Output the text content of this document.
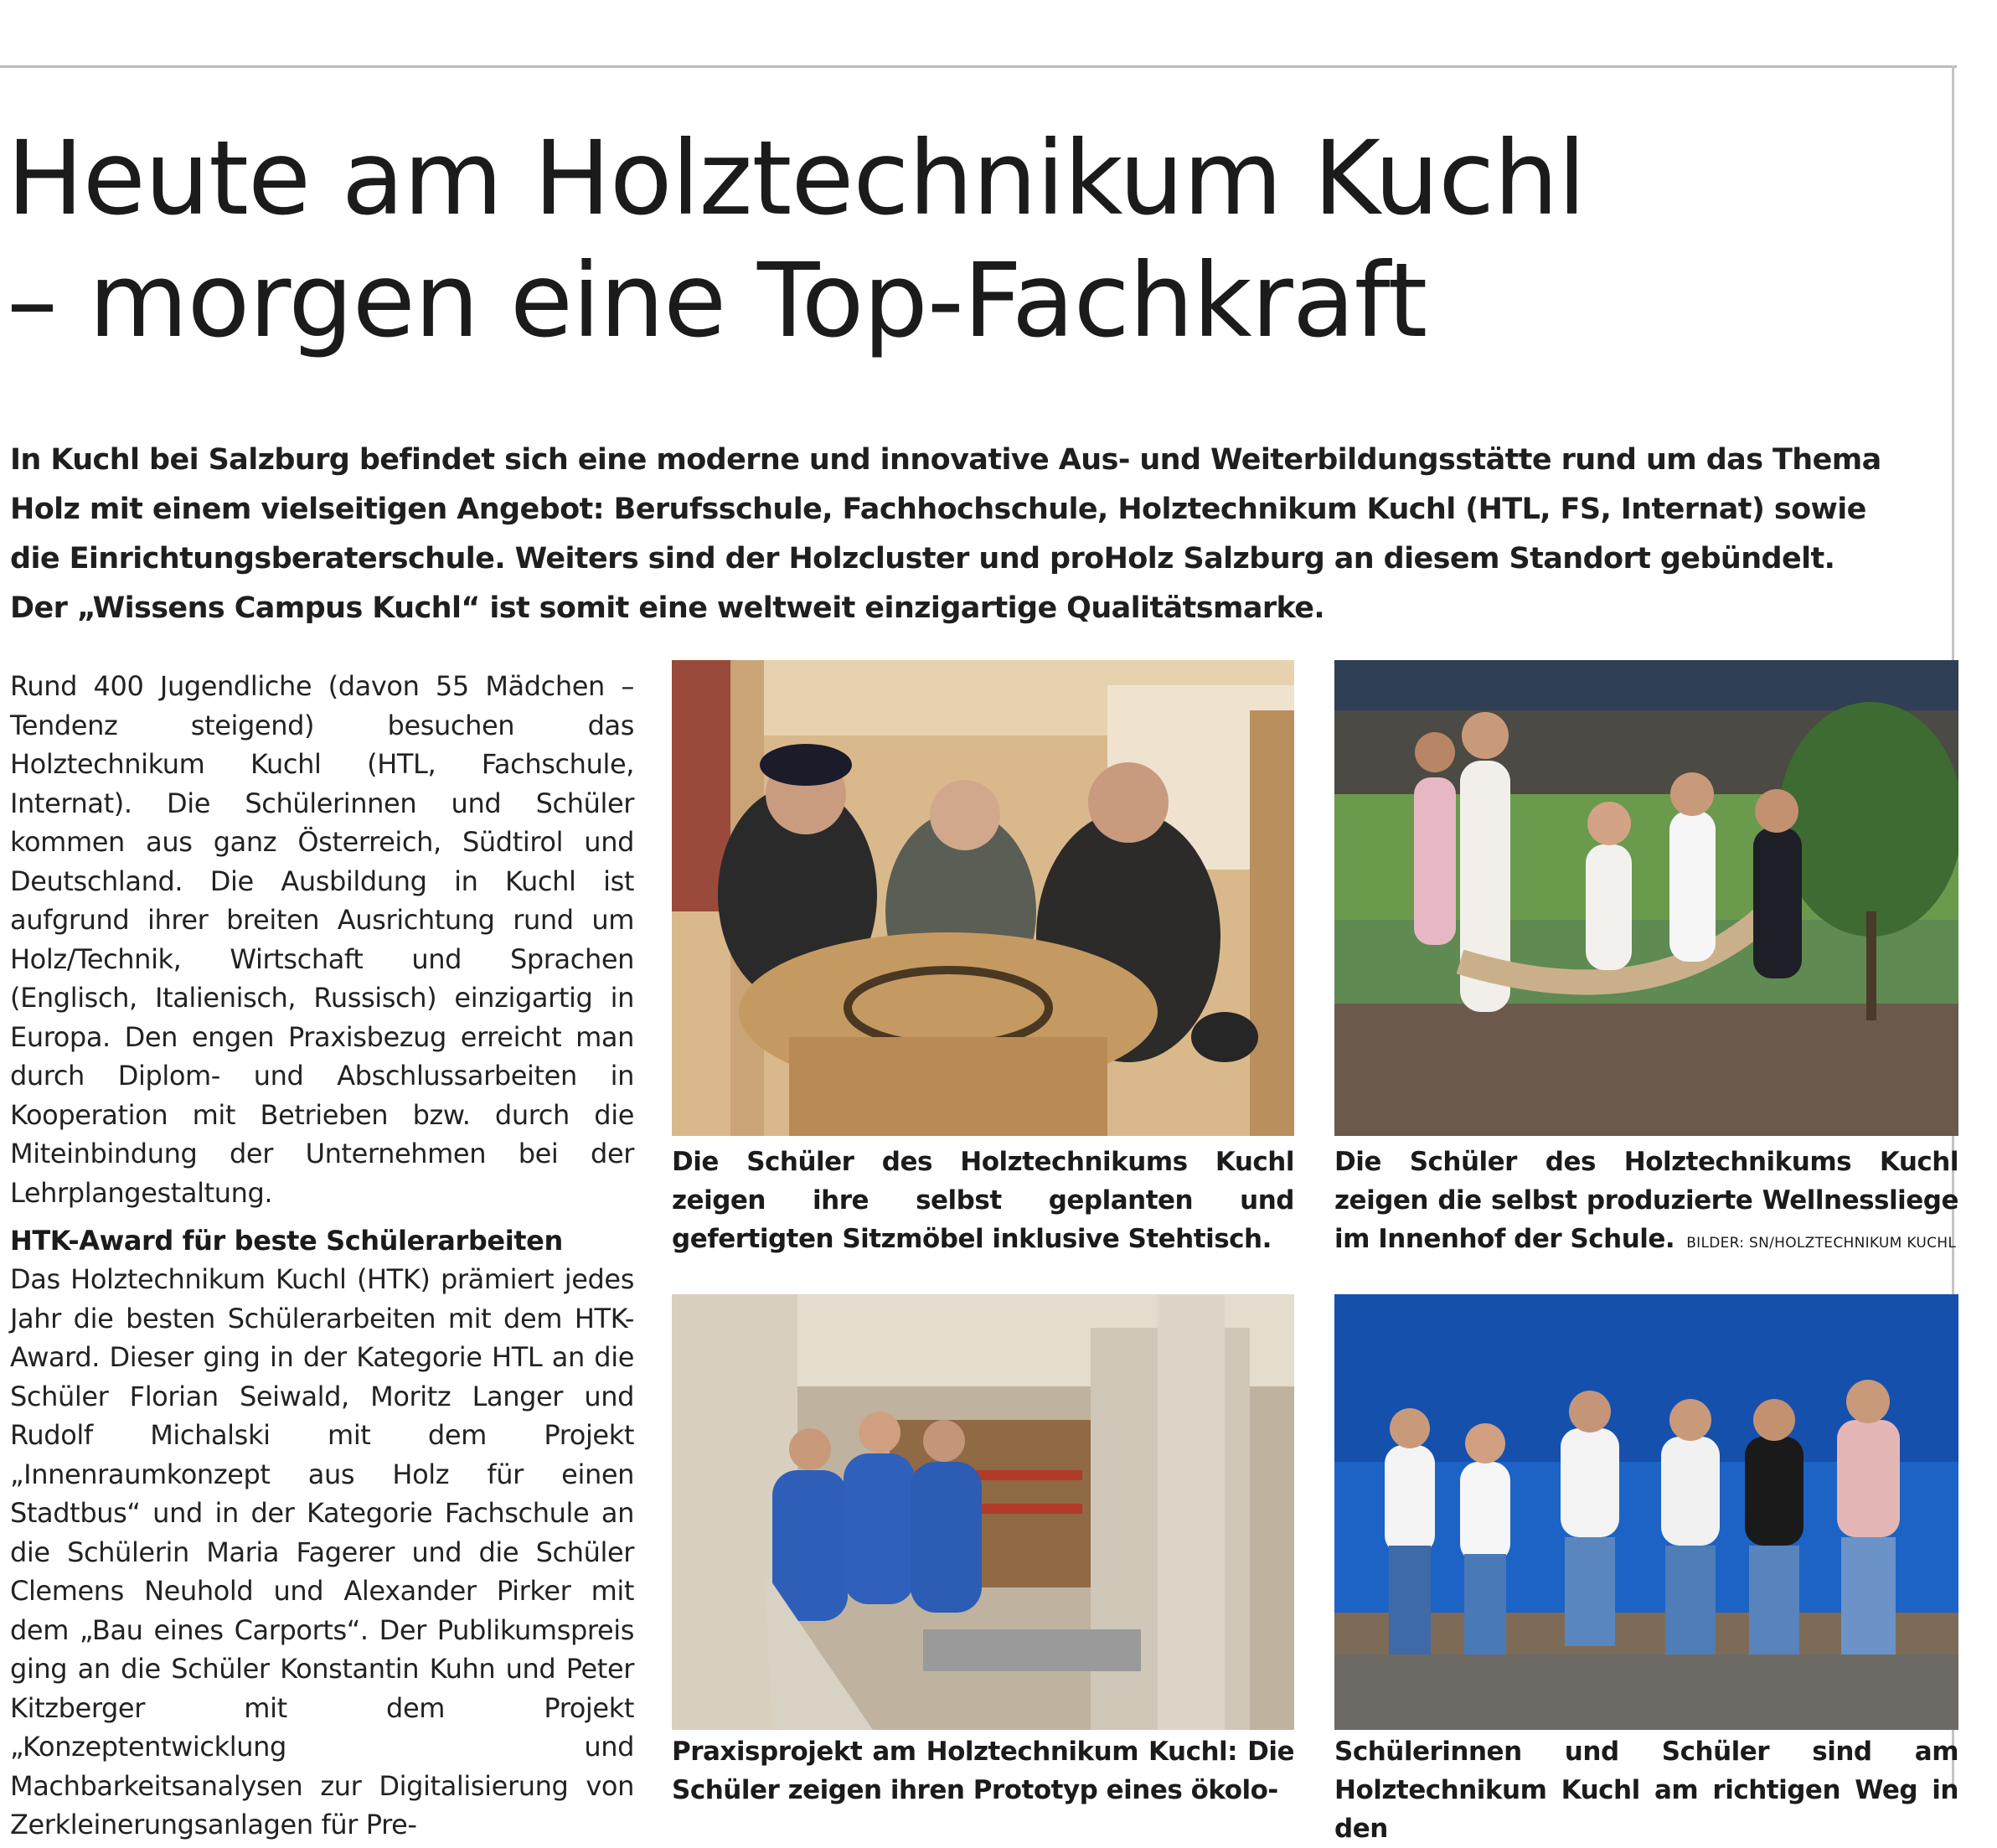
Heute am Holztechnikum Kuchl
– morgen eine Top-Fachkraft

In Kuchl bei Salzburg befindet sich eine moderne und innovative Aus- und Weiterbildungsstätte rund um das Thema Holz mit einem vielseitigen Angebot: Berufsschule, Fachhochschule, Holztechnikum Kuchl (HTL, FS, Internat) sowie die Einrichtungsberaterschule. Weiters sind der Holzcluster und proHolz Salzburg an diesem Standort gebündelt. Der „Wissens Campus Kuchl“ ist somit eine weltweit einzigartige Qualitätsmarke.

Rund 400 Jugendliche (davon 55 Mädchen – Tendenz steigend) besuchen das Holztechnikum Kuchl (HTL, Fachschule, Internat). Die Schülerinnen und Schüler kommen aus ganz Österreich, Südtirol und Deutschland. Die Ausbildung in Kuchl ist aufgrund ihrer breiten Ausrichtung rund um Holz/Technik, Wirtschaft und Sprachen (Englisch, Italienisch, Russisch) einzigartig in Europa. Den engen Praxisbezug erreicht man durch Diplom- und Abschlussarbeiten in Kooperation mit Betrieben bzw. durch die Miteinbindung der Unternehmen bei der Lehrplangestaltung.

HTK-Award für beste Schülerarbeiten

Das Holztechnikum Kuchl (HTK) prämiert jedes Jahr die besten Schülerarbeiten mit dem HTK-Award. Dieser ging in der Kategorie HTL an die Schüler Florian Seiwald, Moritz Langer und Rudolf Michalski mit dem Projekt „Innenraumkonzept aus Holz für einen Stadtbus“ und in der Kategorie Fachschule an die Schülerin Maria Fagerer und die Schüler Clemens Neuhold und Alexander Pirker mit dem „Bau eines Carports“. Der Publikumspreis ging an die Schüler Konstantin Kuhn und Peter Kitzberger mit dem Projekt „Konzeptentwicklung und Machbarkeitsanalysen zur Digitalisierung von Zerkleinerungsanlagen für Pre-

Die Schüler des Holztechnikums Kuchl zeigen ihre selbst geplanten und gefertigten Sitzmöbel inklusive Stehtisch.

Die Schüler des Holztechnikums Kuchl zeigen die selbst produzierte Wellnessliege im Innenhof der Schule. BILDER: SN/HOLZTECHNIKUM KUCHL

Praxisprojekt am Holztechnikum Kuchl: Die Schüler zeigen ihren Prototyp eines ökolo-

Schülerinnen und Schüler sind am Holztechnikum Kuchl am richtigen Weg in den
